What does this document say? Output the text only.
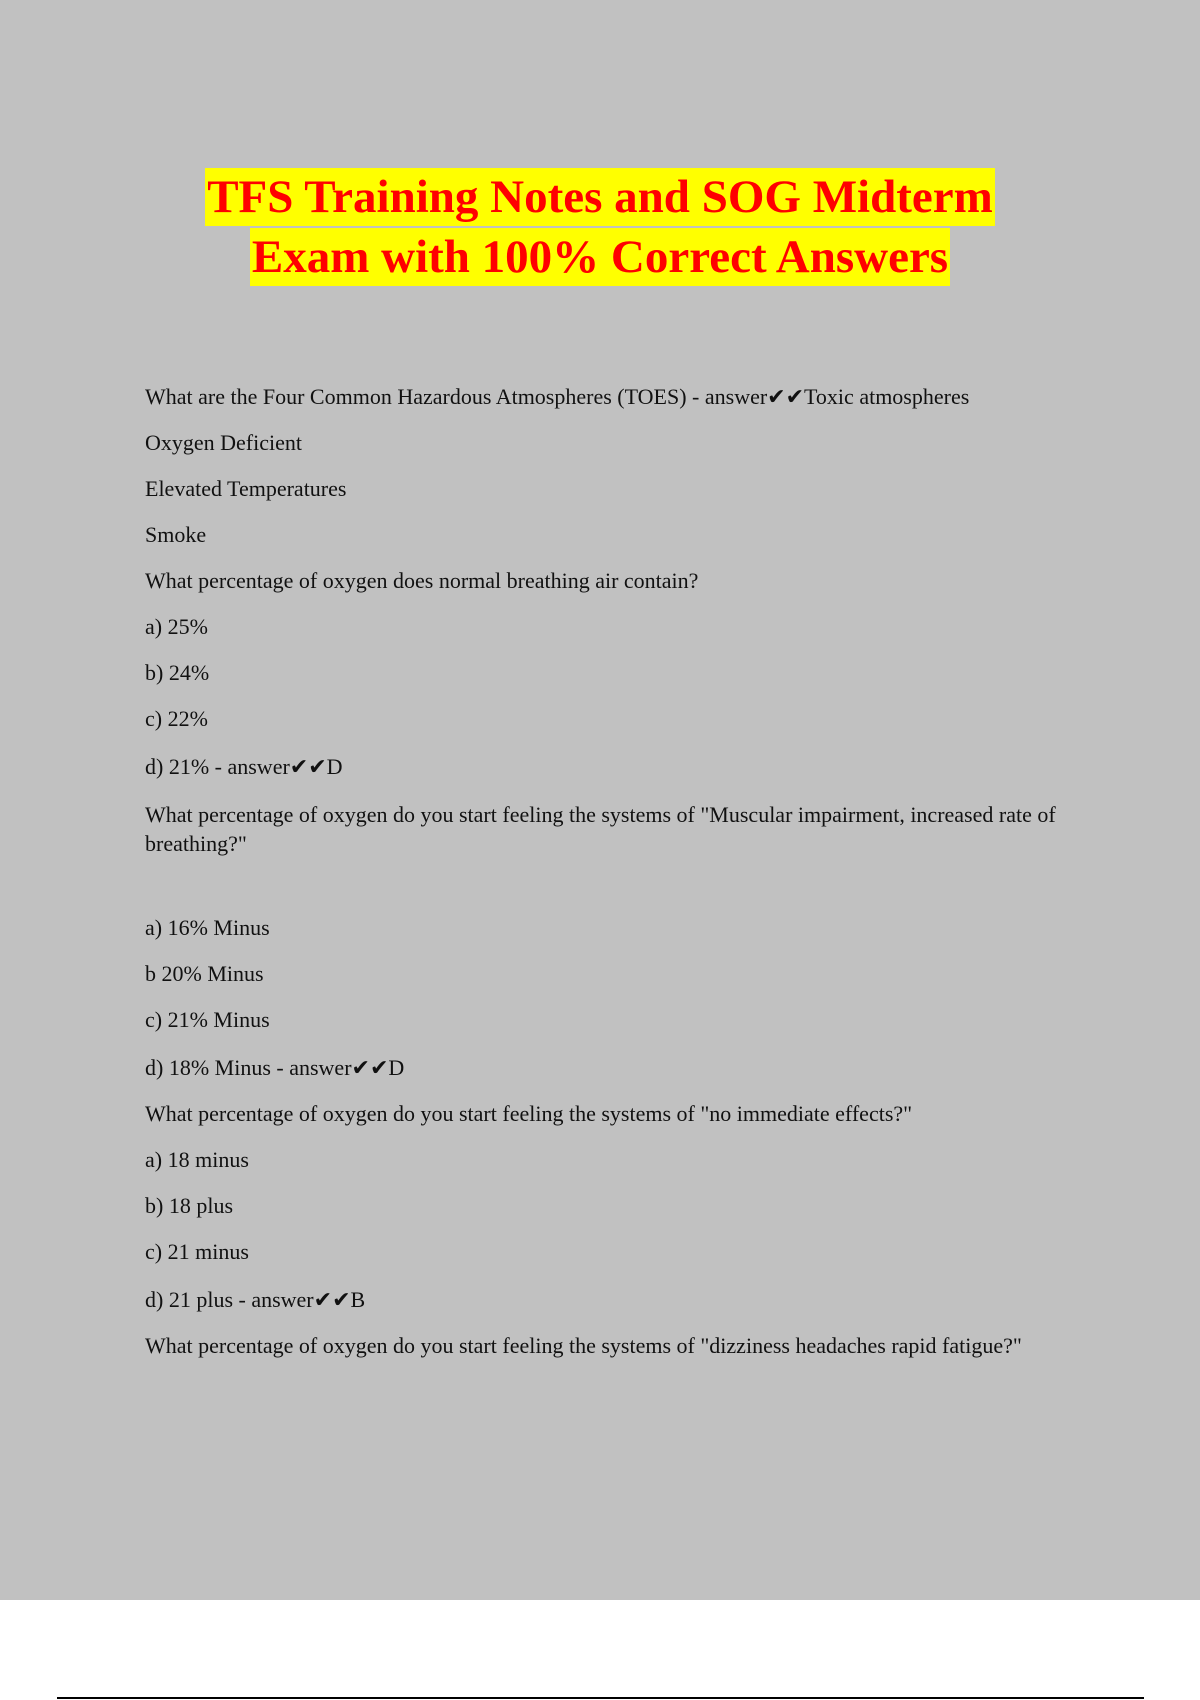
TFS Training Notes and SOG Midterm
Exam with 100% Correct Answers

What are the Four Common Hazardous Atmospheres (TOES) - answer✔✔Toxic atmospheres

Oxygen Deficient

Elevated Temperatures

Smoke

What percentage of oxygen does normal breathing air contain?

a) 25%

b) 24%

c) 22%

d) 21% - answer✔✔D

What percentage of oxygen do you start feeling the systems of "Muscular impairment, increased rate of breathing?"

a) 16% Minus

b 20% Minus

c) 21% Minus

d) 18% Minus - answer✔✔D

What percentage of oxygen do you start feeling the systems of "no immediate effects?"

a) 18 minus

b) 18 plus

c) 21 minus

d) 21 plus - answer✔✔B

What percentage of oxygen do you start feeling the systems of "dizziness headaches rapid fatigue?"
